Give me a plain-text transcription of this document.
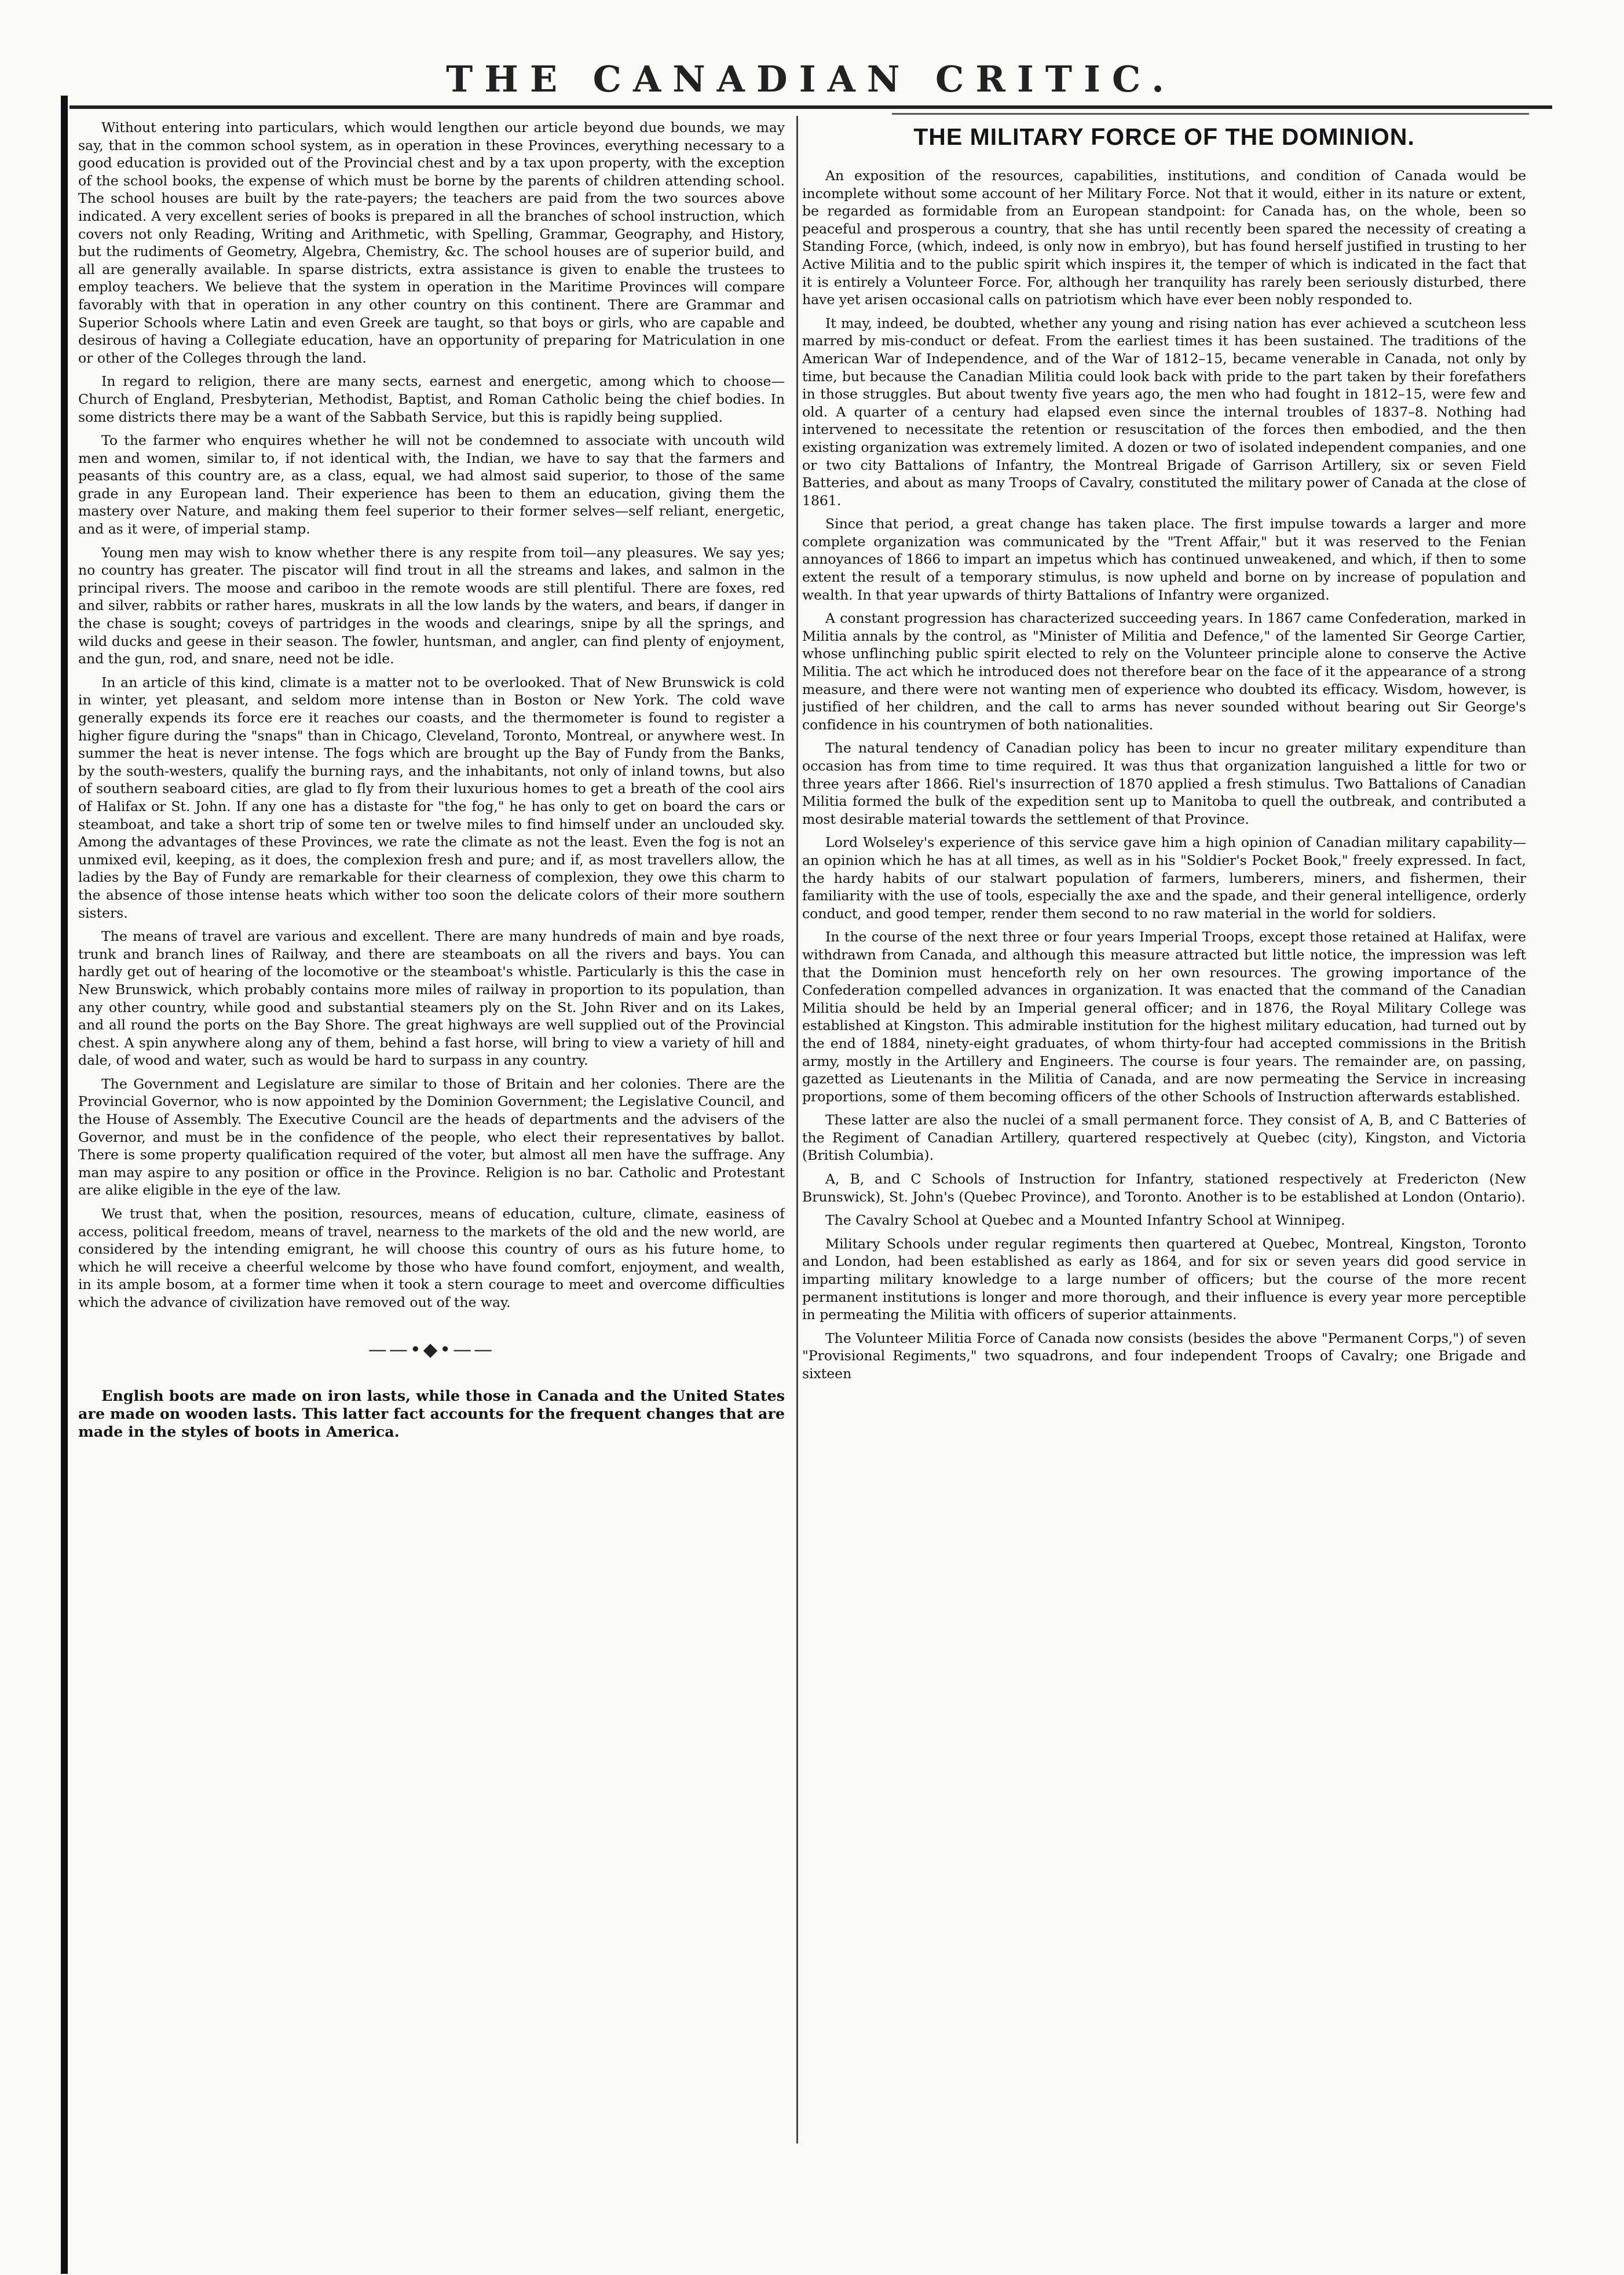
THE CANADIAN CRITIC.

Without entering into particulars, which would lengthen our article beyond due bounds, we may say, that in the common school system, as in operation in these Provinces, everything necessary to a good education is provided out of the Provincial chest and by a tax upon property, with the exception of the school books, the expense of which must be borne by the parents of children attending school. The school houses are built by the rate-payers; the teachers are paid from the two sources above indicated. A very excellent series of books is prepared in all the branches of school instruction, which covers not only Reading, Writing and Arithmetic, with Spelling, Grammar, Geography, and History, but the rudiments of Geometry, Algebra, Chemistry, &c. The school houses are of superior build, and all are generally available. In sparse districts, extra assistance is given to enable the trustees to employ teachers. We believe that the system in operation in the Maritime Provinces will compare favorably with that in operation in any other country on this continent. There are Grammar and Superior Schools where Latin and even Greek are taught, so that boys or girls, who are capable and desirous of having a Collegiate education, have an opportunity of preparing for Matriculation in one or other of the Colleges through the land.

In regard to religion, there are many sects, earnest and energetic, among which to choose—Church of England, Presbyterian, Methodist, Baptist, and Roman Catholic being the chief bodies. In some districts there may be a want of the Sabbath Service, but this is rapidly being supplied.

To the farmer who enquires whether he will not be condemned to associate with uncouth wild men and women, similar to, if not identical with, the Indian, we have to say that the farmers and peasants of this country are, as a class, equal, we had almost said superior, to those of the same grade in any European land. Their experience has been to them an education, giving them the mastery over Nature, and making them feel superior to their former selves—self reliant, energetic, and as it were, of imperial stamp.

Young men may wish to know whether there is any respite from toil—any pleasures. We say yes; no country has greater. The piscator will find trout in all the streams and lakes, and salmon in the principal rivers. The moose and cariboo in the remote woods are still plentiful. There are foxes, red and silver, rabbits or rather hares, muskrats in all the low lands by the waters, and bears, if danger in the chase is sought; coveys of partridges in the woods and clearings, snipe by all the springs, and wild ducks and geese in their season. The fowler, huntsman, and angler, can find plenty of enjoyment, and the gun, rod, and snare, need not be idle.

In an article of this kind, climate is a matter not to be overlooked. That of New Brunswick is cold in winter, yet pleasant, and seldom more intense than in Boston or New York. The cold wave generally expends its force ere it reaches our coasts, and the thermometer is found to register a higher figure during the "snaps" than in Chicago, Cleveland, Toronto, Montreal, or anywhere west. In summer the heat is never intense. The fogs which are brought up the Bay of Fundy from the Banks, by the south-westers, qualify the burning rays, and the inhabitants, not only of inland towns, but also of southern seaboard cities, are glad to fly from their luxurious homes to get a breath of the cool airs of Halifax or St. John. If any one has a distaste for "the fog," he has only to get on board the cars or steamboat, and take a short trip of some ten or twelve miles to find himself under an unclouded sky. Among the advantages of these Provinces, we rate the climate as not the least. Even the fog is not an unmixed evil, keeping, as it does, the complexion fresh and pure; and if, as most travellers allow, the ladies by the Bay of Fundy are remarkable for their clearness of complexion, they owe this charm to the absence of those intense heats which wither too soon the delicate colors of their more southern sisters.

The means of travel are various and excellent. There are many hundreds of main and bye roads, trunk and branch lines of Railway, and there are steamboats on all the rivers and bays. You can hardly get out of hearing of the locomotive or the steamboat's whistle. Particularly is this the case in New Brunswick, which probably contains more miles of railway in proportion to its population, than any other country, while good and substantial steamers ply on the St. John River and on its Lakes, and all round the ports on the Bay Shore. The great highways are well supplied out of the Provincial chest. A spin anywhere along any of them, behind a fast horse, will bring to view a variety of hill and dale, of wood and water, such as would be hard to surpass in any country.

The Government and Legislature are similar to those of Britain and her colonies. There are the Provincial Governor, who is now appointed by the Dominion Government; the Legislative Council, and the House of Assembly. The Executive Council are the heads of departments and the advisers of the Governor, and must be in the confidence of the people, who elect their representatives by ballot. There is some property qualification required of the voter, but almost all men have the suffrage. Any man may aspire to any position or office in the Province. Religion is no bar. Catholic and Protestant are alike eligible in the eye of the law.

We trust that, when the position, resources, means of education, culture, climate, easiness of access, political freedom, means of travel, nearness to the markets of the old and the new world, are considered by the intending emigrant, he will choose this country of ours as his future home, to which he will receive a cheerful welcome by those who have found comfort, enjoyment, and wealth, in its ample bosom, at a former time when it took a stern courage to meet and overcome difficulties which the advance of civilization have removed out of the way.

——•◆•——

English boots are made on iron lasts, while those in Canada and the United States are made on wooden lasts. This latter fact accounts for the frequent changes that are made in the styles of boots in America.

THE MILITARY FORCE OF THE DOMINION.

An exposition of the resources, capabilities, institutions, and condition of Canada would be incomplete without some account of her Military Force. Not that it would, either in its nature or extent, be regarded as formidable from an European standpoint: for Canada has, on the whole, been so peaceful and prosperous a country, that she has until recently been spared the necessity of creating a Standing Force, (which, indeed, is only now in embryo), but has found herself justified in trusting to her Active Militia and to the public spirit which inspires it, the temper of which is indicated in the fact that it is entirely a Volunteer Force. For, although her tranquility has rarely been seriously disturbed, there have yet arisen occasional calls on patriotism which have ever been nobly responded to.

It may, indeed, be doubted, whether any young and rising nation has ever achieved a scutcheon less marred by mis-conduct or defeat. From the earliest times it has been sustained. The traditions of the American War of Independence, and of the War of 1812–15, became venerable in Canada, not only by time, but because the Canadian Militia could look back with pride to the part taken by their forefathers in those struggles. But about twenty five years ago, the men who had fought in 1812–15, were few and old. A quarter of a century had elapsed even since the internal troubles of 1837–8. Nothing had intervened to necessitate the retention or resuscitation of the forces then embodied, and the then existing organization was extremely limited. A dozen or two of isolated independent companies, and one or two city Battalions of Infantry, the Montreal Brigade of Garrison Artillery, six or seven Field Batteries, and about as many Troops of Cavalry, constituted the military power of Canada at the close of 1861.

Since that period, a great change has taken place. The first impulse towards a larger and more complete organization was communicated by the "Trent Affair," but it was reserved to the Fenian annoyances of 1866 to impart an impetus which has continued unweakened, and which, if then to some extent the result of a temporary stimulus, is now upheld and borne on by increase of population and wealth. In that year upwards of thirty Battalions of Infantry were organized.

A constant progression has characterized succeeding years. In 1867 came Confederation, marked in Militia annals by the control, as "Minister of Militia and Defence," of the lamented Sir George Cartier, whose unflinching public spirit elected to rely on the Volunteer principle alone to conserve the Active Militia. The act which he introduced does not therefore bear on the face of it the appearance of a strong measure, and there were not wanting men of experience who doubted its efficacy. Wisdom, however, is justified of her children, and the call to arms has never sounded without bearing out Sir George's confidence in his countrymen of both nationalities.

The natural tendency of Canadian policy has been to incur no greater military expenditure than occasion has from time to time required. It was thus that organization languished a little for two or three years after 1866. Riel's insurrection of 1870 applied a fresh stimulus. Two Battalions of Canadian Militia formed the bulk of the expedition sent up to Manitoba to quell the outbreak, and contributed a most desirable material towards the settlement of that Province.

Lord Wolseley's experience of this service gave him a high opinion of Canadian military capability—an opinion which he has at all times, as well as in his "Soldier's Pocket Book," freely expressed. In fact, the hardy habits of our stalwart population of farmers, lumberers, miners, and fishermen, their familiarity with the use of tools, especially the axe and the spade, and their general intelligence, orderly conduct, and good temper, render them second to no raw material in the world for soldiers.

In the course of the next three or four years Imperial Troops, except those retained at Halifax, were withdrawn from Canada, and although this measure attracted but little notice, the impression was left that the Dominion must henceforth rely on her own resources. The growing importance of the Confederation compelled advances in organization. It was enacted that the command of the Canadian Militia should be held by an Imperial general officer; and in 1876, the Royal Military College was established at Kingston. This admirable institution for the highest military education, had turned out by the end of 1884, ninety-eight graduates, of whom thirty-four had accepted commissions in the British army, mostly in the Artillery and Engineers. The course is four years. The remainder are, on passing, gazetted as Lieutenants in the Militia of Canada, and are now permeating the Service in increasing proportions, some of them becoming officers of the other Schools of Instruction afterwards established.

These latter are also the nuclei of a small permanent force. They consist of A, B, and C Batteries of the Regiment of Canadian Artillery, quartered respectively at Quebec (city), Kingston, and Victoria (British Columbia).

A, B, and C Schools of Instruction for Infantry, stationed respectively at Fredericton (New Brunswick), St. John's (Quebec Province), and Toronto. Another is to be established at London (Ontario).

The Cavalry School at Quebec and a Mounted Infantry School at Winnipeg.

Military Schools under regular regiments then quartered at Quebec, Montreal, Kingston, Toronto and London, had been established as early as 1864, and for six or seven years did good service in imparting military knowledge to a large number of officers; but the course of the more recent permanent institutions is longer and more thorough, and their influence is every year more perceptible in permeating the Militia with officers of superior attainments.

The Volunteer Militia Force of Canada now consists (besides the above "Permanent Corps,") of seven "Provisional Regiments," two squadrons, and four independent Troops of Cavalry; one Brigade and sixteen
